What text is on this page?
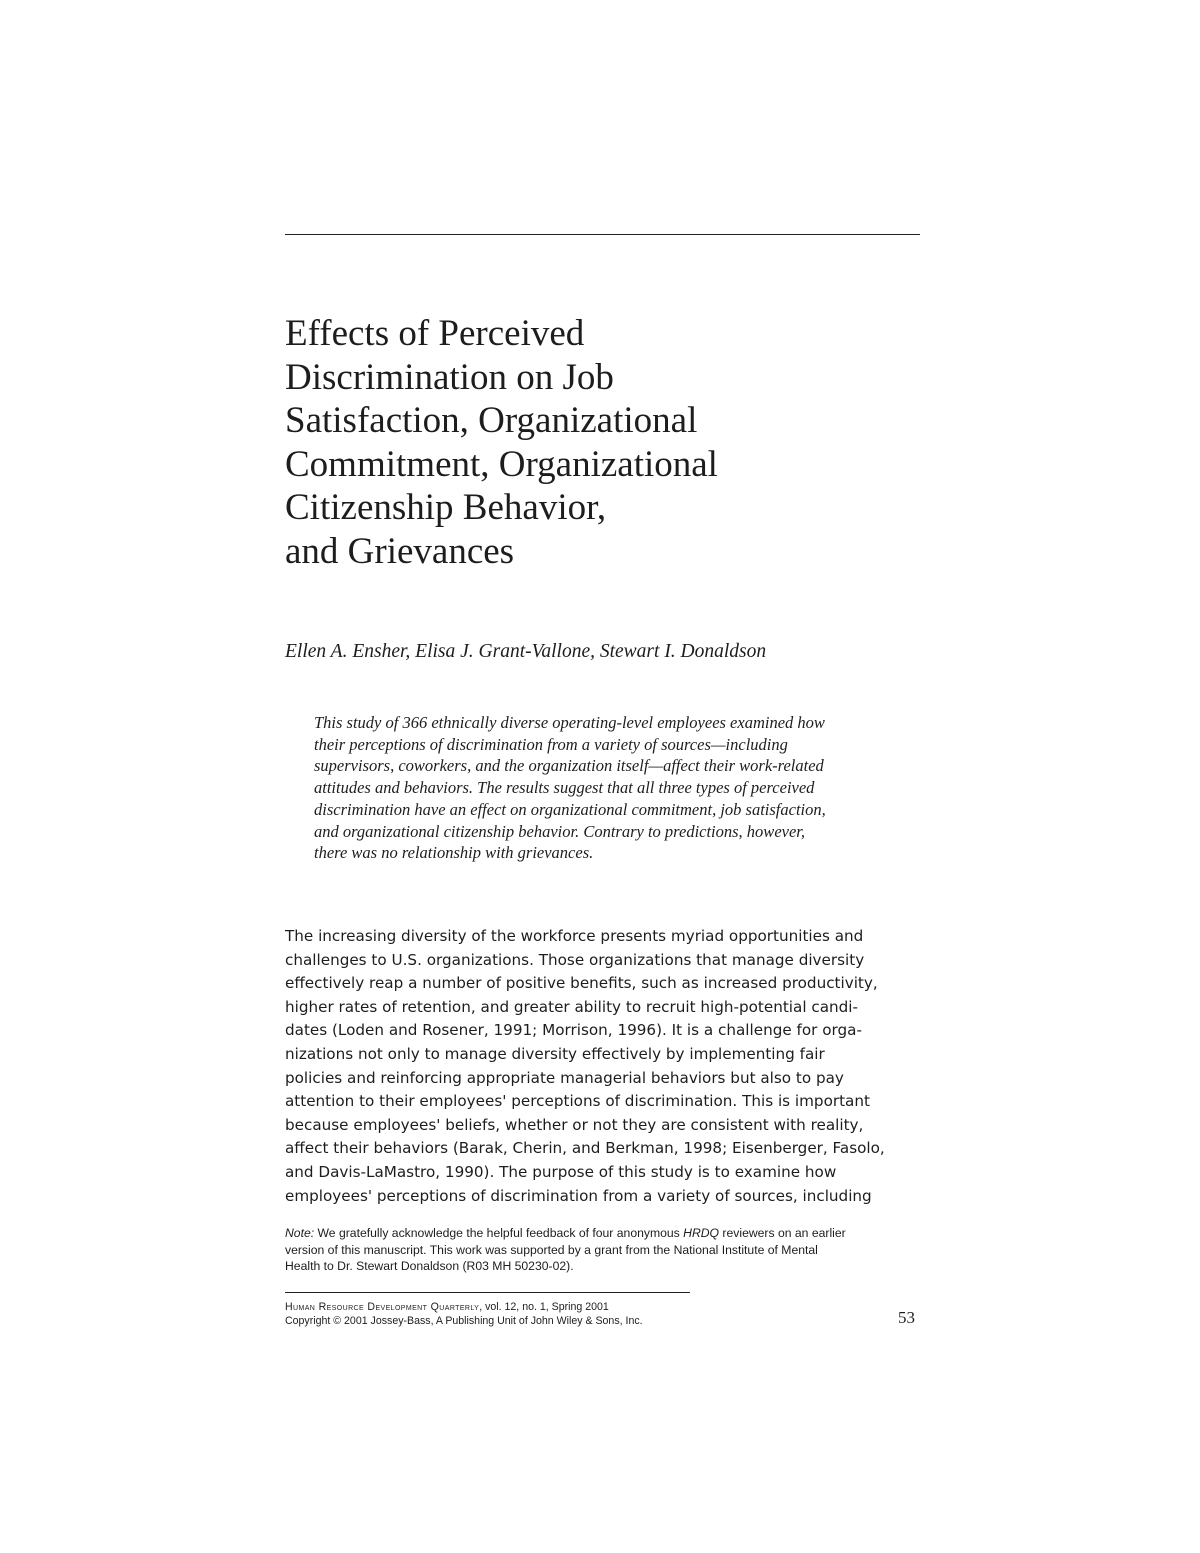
Effects of Perceived
Discrimination on Job
Satisfaction, Organizational
Commitment, Organizational
Citizenship Behavior,
and Grievances
Ellen A. Ensher, Elisa J. Grant-Vallone, Stewart I. Donaldson
This study of 366 ethnically diverse operating-level employees examined how
their perceptions of discrimination from a variety of sources—including
supervisors, coworkers, and the organization itself—affect their work-related
attitudes and behaviors. The results suggest that all three types of perceived
discrimination have an effect on organizational commitment, job satisfaction,
and organizational citizenship behavior. Contrary to predictions, however,
there was no relationship with grievances.
The increasing diversity of the workforce presents myriad opportunities and
challenges to U.S. organizations. Those organizations that manage diversity
effectively reap a number of positive benefits, such as increased productivity,
higher rates of retention, and greater ability to recruit high-potential candi-
dates (Loden and Rosener, 1991; Morrison, 1996). It is a challenge for orga-
nizations not only to manage diversity effectively by implementing fair
policies and reinforcing appropriate managerial behaviors but also to pay
attention to their employees' perceptions of discrimination. This is important
because employees' beliefs, whether or not they are consistent with reality,
affect their behaviors (Barak, Cherin, and Berkman, 1998; Eisenberger, Fasolo,
and Davis-LaMastro, 1990). The purpose of this study is to examine how
employees' perceptions of discrimination from a variety of sources, including
Note: We gratefully acknowledge the helpful feedback of four anonymous HRDQ reviewers on an earlier
version of this manuscript. This work was supported by a grant from the National Institute of Mental
Health to Dr. Stewart Donaldson (R03 MH 50230-02).
Human Resource Development Quarterly, vol. 12, no. 1, Spring 2001
Copyright © 2001 Jossey-Bass, A Publishing Unit of John Wiley & Sons, Inc.	53
